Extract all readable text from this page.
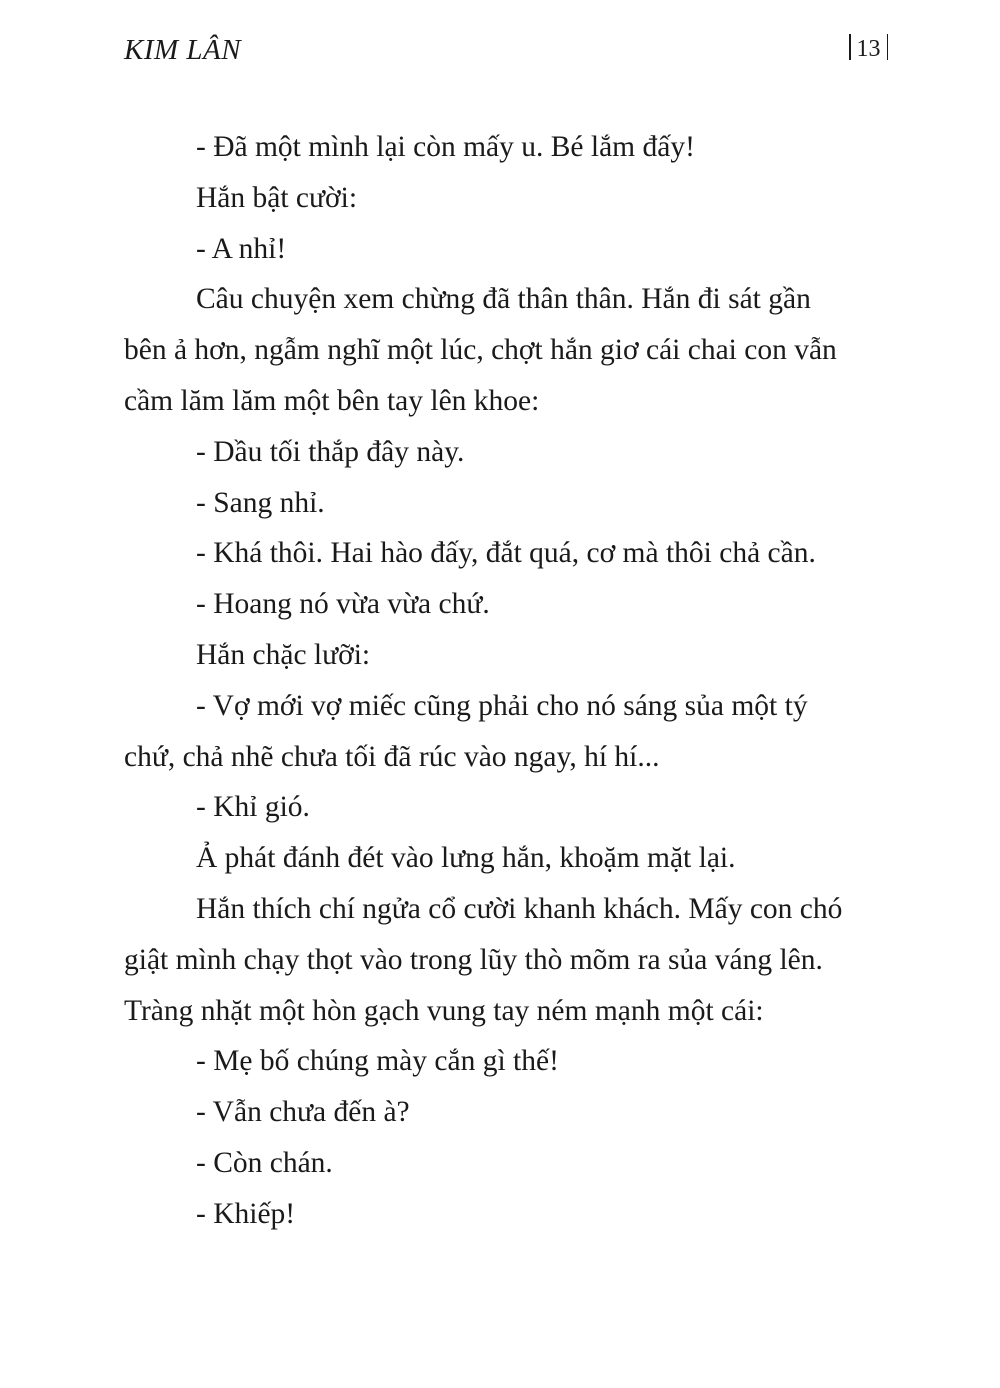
KIM LÂN	13
- Đã một mình lại còn mấy u. Bé lắm đấy!
Hắn bật cười:
- A nhỉ!
Câu chuyện xem chừng đã thân thân. Hắn đi sát gần
bên ả hơn, ngẫm nghĩ một lúc, chợt hắn giơ cái chai con vẫn
cầm lăm lăm một bên tay lên khoe:
- Dầu tối thắp đây này.
- Sang nhỉ.
- Khá thôi. Hai hào đấy, đắt quá, cơ mà thôi chả cần.
- Hoang nó vừa vừa chứ.
Hắn chặc lưỡi:
- Vợ mới vợ miếc cũng phải cho nó sáng sủa một tý
chứ, chả nhẽ chưa tối đã rúc vào ngay, hí hí...
- Khỉ gió.
Ả phát đánh đét vào lưng hắn, khoặm mặt lại.
Hắn thích chí ngửa cổ cười khanh khách. Mấy con chó
giật mình chạy thọt vào trong lũy thò mõm ra sủa váng lên.
Tràng nhặt một hòn gạch vung tay ném mạnh một cái:
- Mẹ bố chúng mày cắn gì thế!
- Vẫn chưa đến à?
- Còn chán.
- Khiếp!
